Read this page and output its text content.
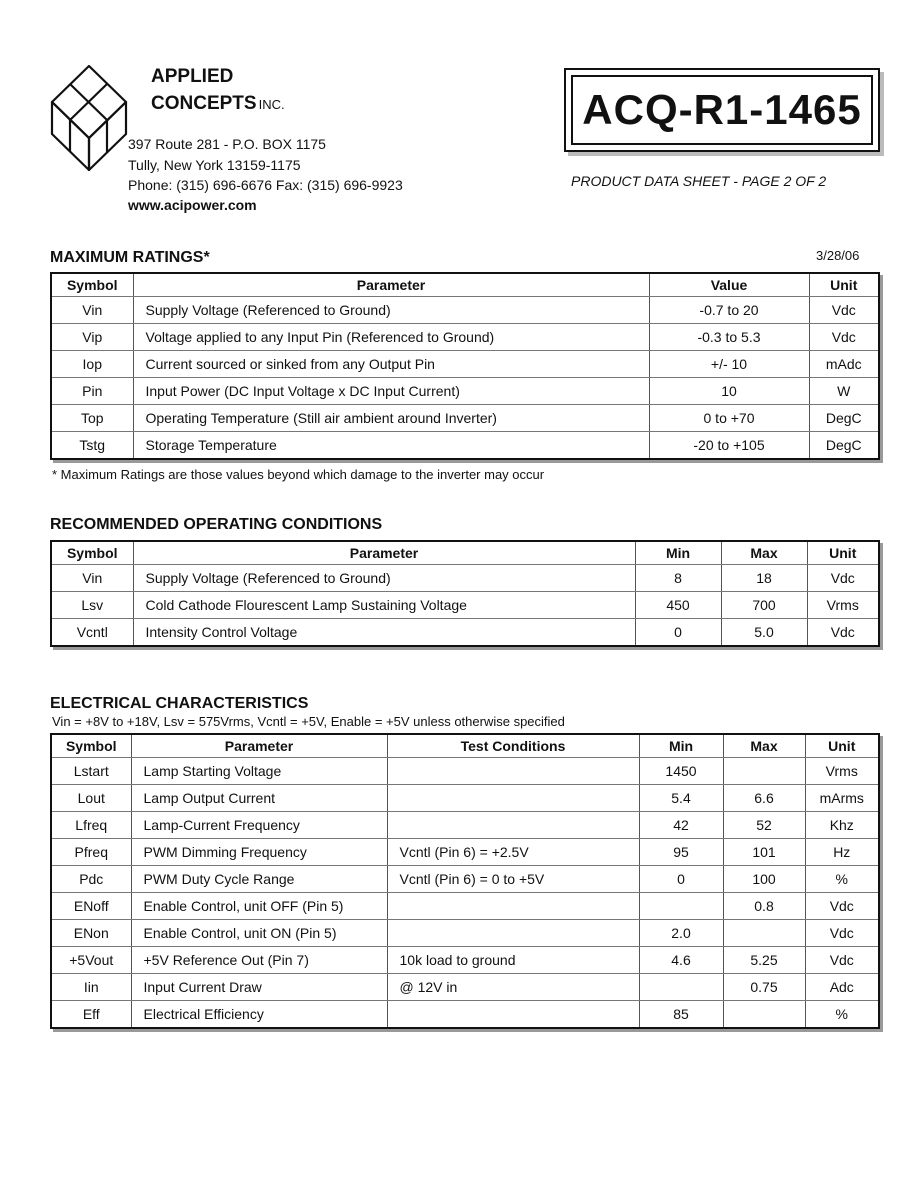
APPLIED
CONCEPTS INC.
397 Route 281 - P.O. BOX 1175
Tully, New York 13159-1175
Phone: (315) 696-6676 Fax: (315) 696-9923
www.acipower.com
ACQ-R1-1465
PRODUCT DATA SHEET - PAGE 2 OF 2
MAXIMUM RATINGS*	3/28/06
Symbol	Parameter	Value	Unit
Vin	Supply Voltage (Referenced to Ground)	-0.7 to 20	Vdc
Vip	Voltage applied to any Input Pin (Referenced to Ground)	-0.3 to 5.3	Vdc
Iop	Current sourced or sinked from any Output Pin	+/- 10	mAdc
Pin	Input Power (DC Input Voltage x DC Input Current)	10	W
Top	Operating Temperature (Still air ambient around Inverter)	0 to +70	DegC
Tstg	Storage Temperature	-20 to +105	DegC
* Maximum Ratings are those values beyond which damage to the inverter may occur
RECOMMENDED OPERATING CONDITIONS
Symbol	Parameter	Min	Max	Unit
Vin	Supply Voltage (Referenced to Ground)	8	18	Vdc
Lsv	Cold Cathode Flourescent Lamp Sustaining Voltage	450	700	Vrms
Vcntl	Intensity Control Voltage	0	5.0	Vdc
ELECTRICAL CHARACTERISTICS
Vin = +8V to +18V, Lsv = 575Vrms, Vcntl = +5V, Enable = +5V unless otherwise specified
Symbol	Parameter	Test Conditions	Min	Max	Unit
Lstart	Lamp Starting Voltage		1450		Vrms
Lout	Lamp Output Current		5.4	6.6	mArms
Lfreq	Lamp-Current Frequency		42	52	Khz
Pfreq	PWM Dimming Frequency	Vcntl (Pin 6) = +2.5V	95	101	Hz
Pdc	PWM Duty Cycle Range	Vcntl (Pin 6) = 0 to +5V	0	100	%
ENoff	Enable Control, unit OFF (Pin 5)			0.8	Vdc
ENon	Enable Control, unit ON (Pin 5)		2.0		Vdc
+5Vout	+5V Reference Out (Pin 7)	10k load to ground	4.6	5.25	Vdc
Iin	Input Current Draw	@ 12V in		0.75	Adc
Eff	Electrical Efficiency		85		%
